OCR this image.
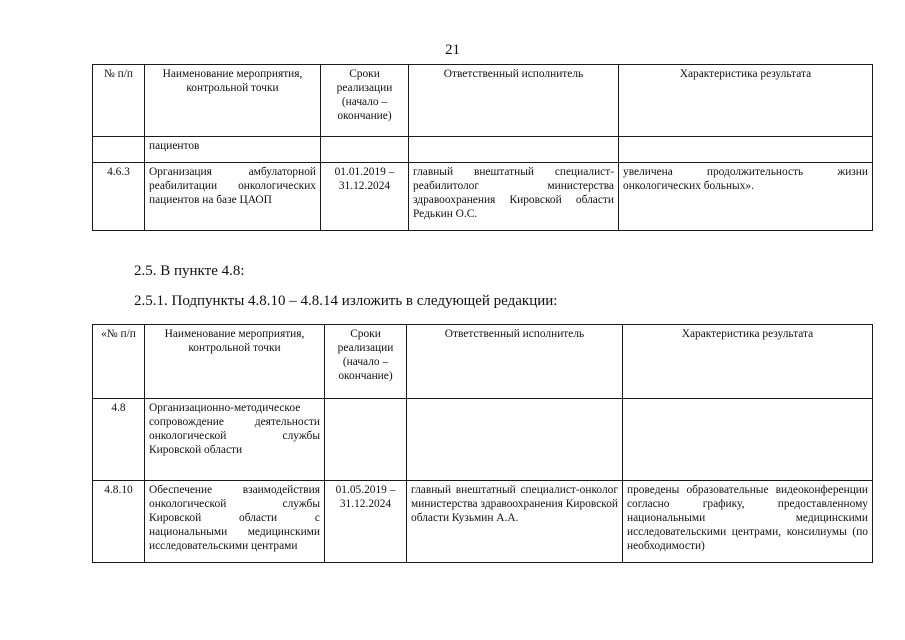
21
№ п/п	Наименование мероприятия, контрольной точки	Сроки реализации (начало – окончание)	Ответственный исполнитель	Характеристика результата
	пациентов			
4.6.3	Организация амбулаторной реабилитации онкологических пациентов на базе ЦАОП	01.01.2019 – 31.12.2024	главный внештатный специалист-реабилитолог министерства здравоохранения Кировской области Редькин О.С.	увеличена продолжительность жизни онкологических больных».
2.5. В пункте 4.8:
2.5.1. Подпункты 4.8.10 – 4.8.14 изложить в следующей редакции:
«№ п/п	Наименование мероприятия, контрольной точки	Сроки реализации (начало – окончание)	Ответственный исполнитель	Характеристика результата
4.8	Организационно-методическое сопровождение деятельности онкологической службы Кировской области			
4.8.10	Обеспечение взаимодействия онкологической службы Кировской области с национальными медицинскими исследовательскими центрами	01.05.2019 – 31.12.2024	главный внештатный специалист-онколог министерства здравоохранения Кировской области Кузьмин А.А.	проведены образовательные видеоконференции согласно графику, предоставленному национальными медицинскими исследовательскими центрами, консилиумы (по необходимости)
